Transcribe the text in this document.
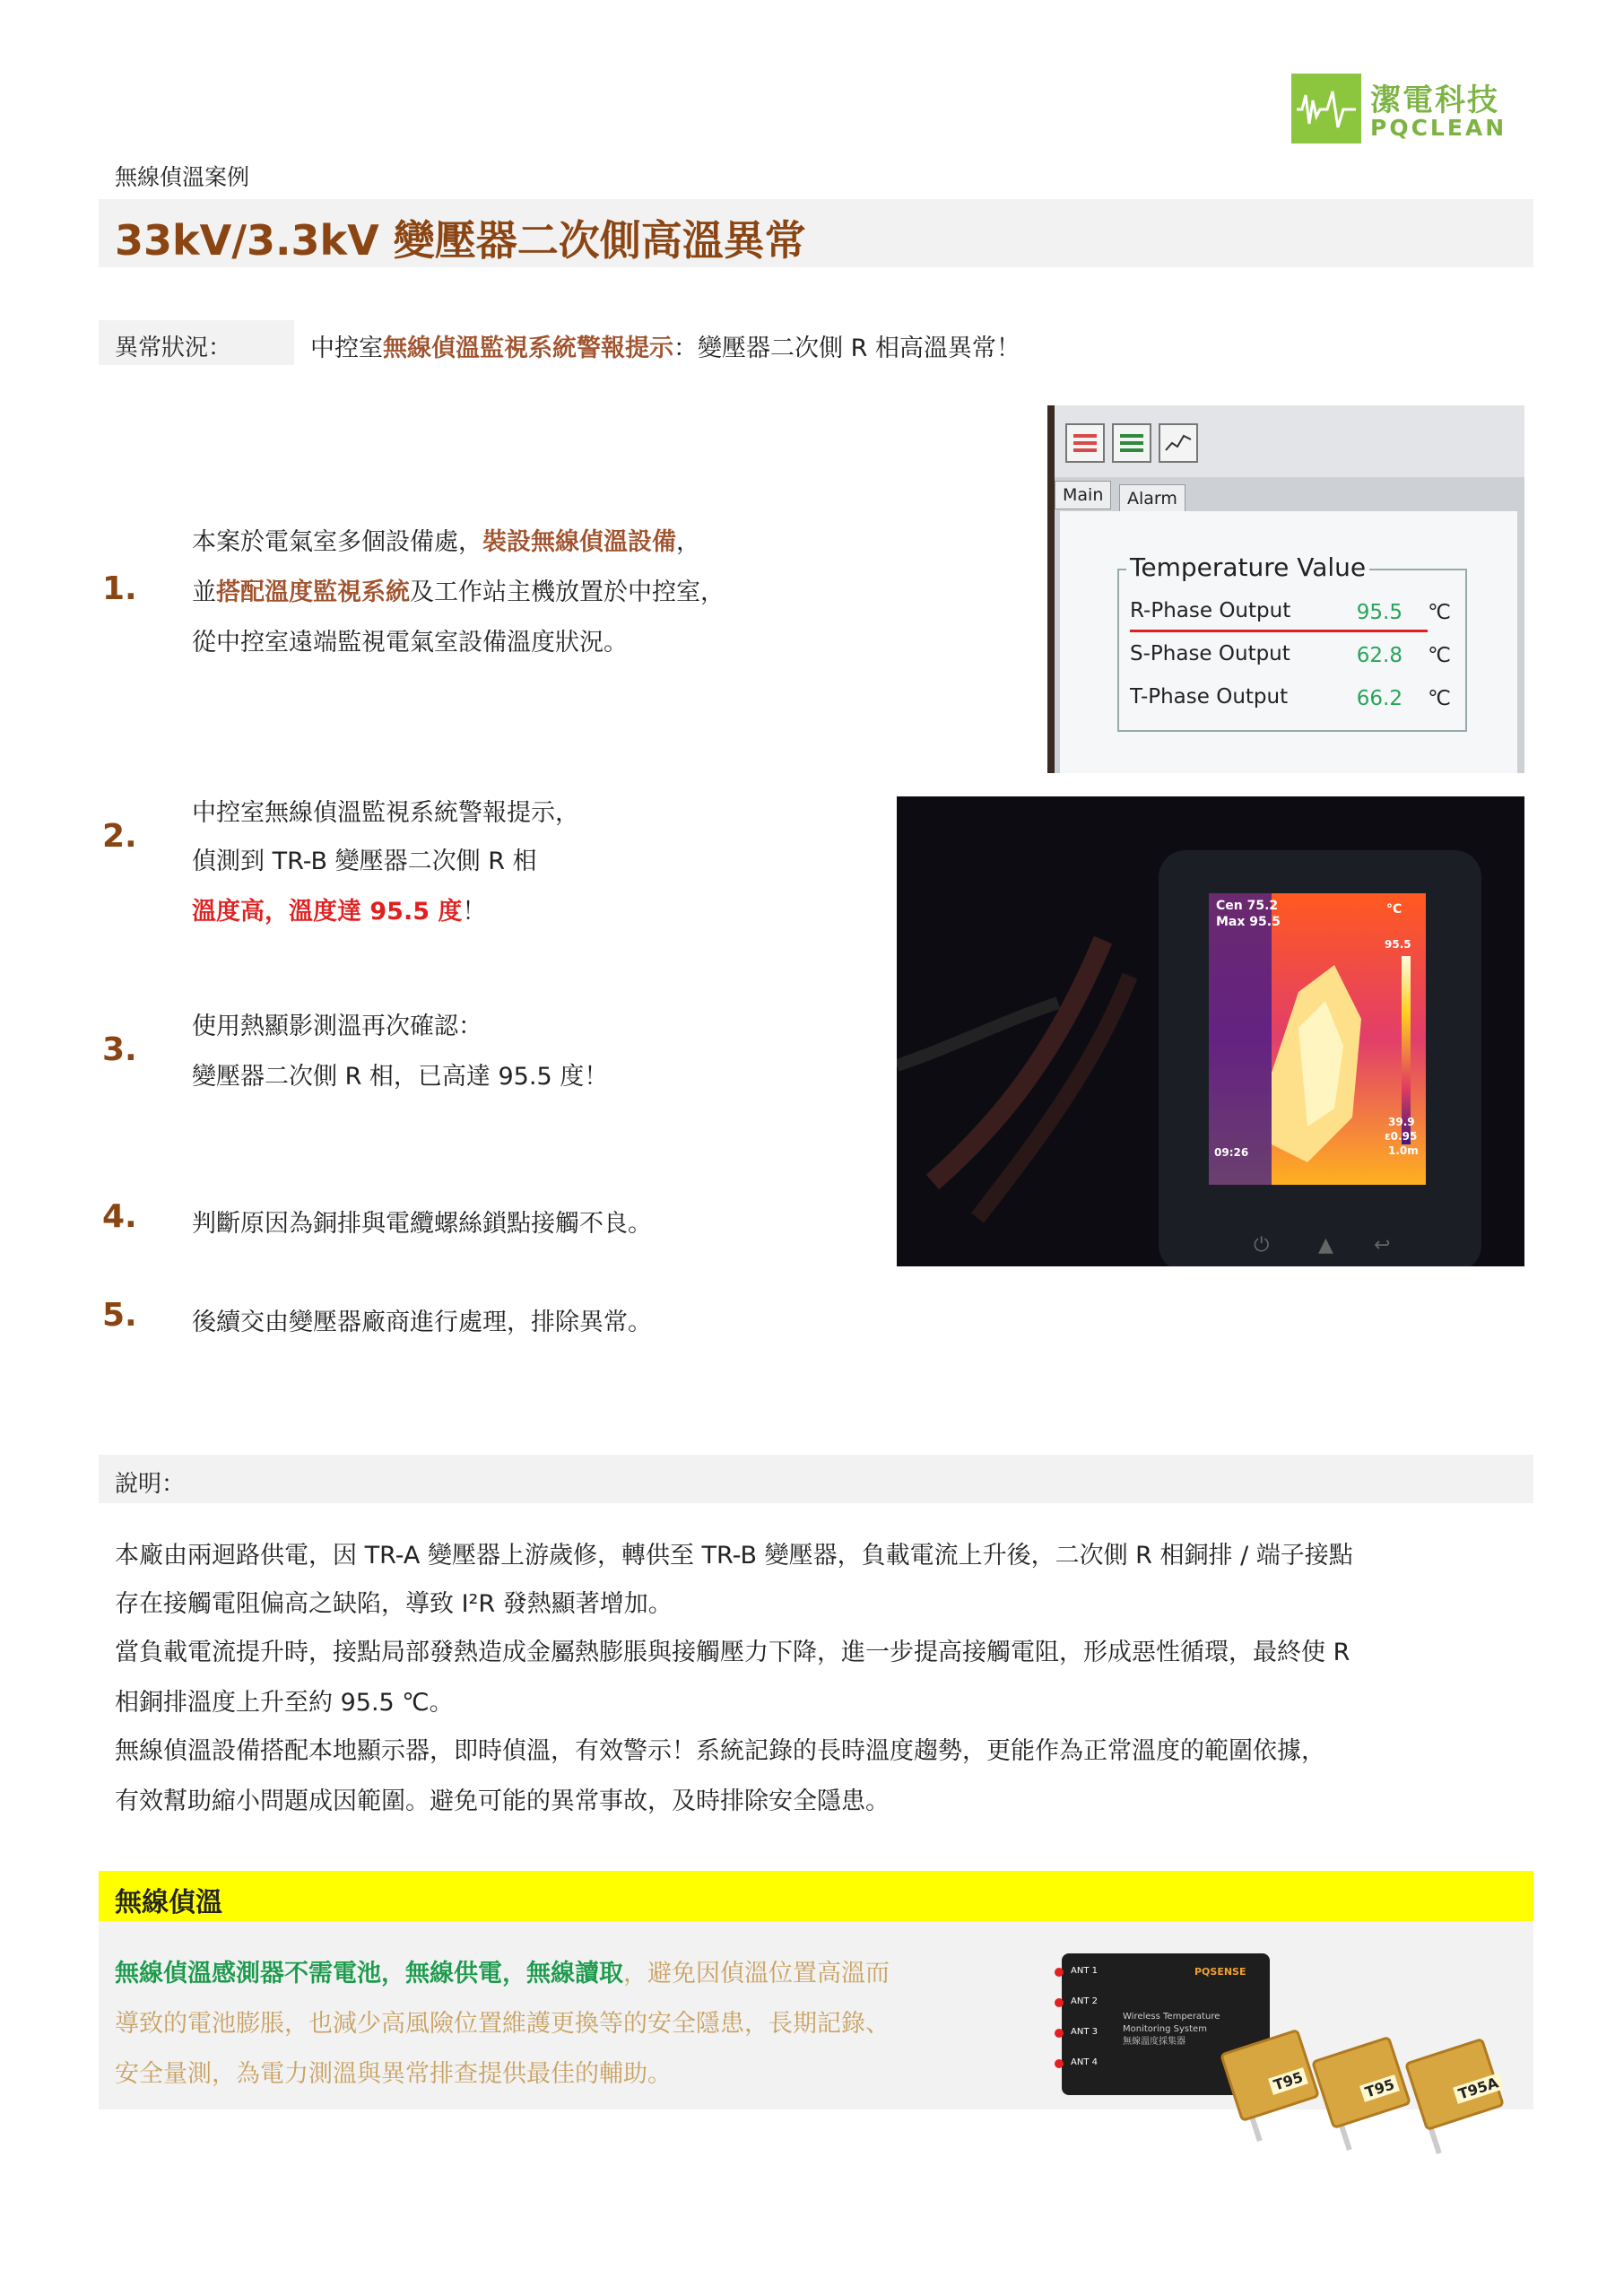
潔電科技
PQCLEAN
無線偵溫案例
33kV/3.3kV 變壓器二次側高溫異常
異常狀況：	中控室無線偵溫監視系統警報提示：變壓器二次側 R 相高溫異常！
1.
本案於電氣室多個設備處，裝設無線偵溫設備，
並搭配溫度監視系統及工作站主機放置於中控室，
從中控室遠端監視電氣室設備溫度狀況。
2.
中控室無線偵溫監視系統警報提示，
偵測到 TR-B 變壓器二次側 R 相
溫度高，溫度達 95.5 度！
3.
使用熱顯影測溫再次確認：
變壓器二次側 R 相，已高達 95.5 度！
4. 判斷原因為銅排與電纜螺絲鎖點接觸不良。
5. 後續交由變壓器廠商進行處理，排除異常。
Main	Alarm
Temperature Value
R-Phase Output	95.5 ℃
S-Phase Output	62.8 ℃
T-Phase Output	66.2 ℃
Cen 75.2
Max 95.5
°C
95.5
39.9
ε0.95
1.0m
09:26
⏻ ▲ ↩
說明：
本廠由兩迴路供電，因 TR-A 變壓器上游歲修，轉供至 TR-B 變壓器，負載電流上升後，二次側 R 相銅排 / 端子接點
存在接觸電阻偏高之缺陷，導致 I²R 發熱顯著增加。
當負載電流提升時，接點局部發熱造成金屬熱膨脹與接觸壓力下降，進一步提高接觸電阻，形成惡性循環，最終使 R
相銅排溫度上升至約 95.5 ℃。
無線偵溫設備搭配本地顯示器，即時偵溫，有效警示！系統記錄的長時溫度趨勢，更能作為正常溫度的範圍依據，
有效幫助縮小問題成因範圍。避免可能的異常事故，及時排除安全隱患。
無線偵溫
無線偵溫感測器不需電池，無線供電，無線讀取，避免因偵溫位置高溫而
導致的電池膨脹，也減少高風險位置維護更換等的安全隱患，長期記錄、
安全量測，為電力測溫與異常排查提供最佳的輔助。
ANT 1
ANT 2
ANT 3
ANT 4
PQSENSE
Wireless Temperature
Monitoring System
無線溫度採集器
T95	T95	T95A
